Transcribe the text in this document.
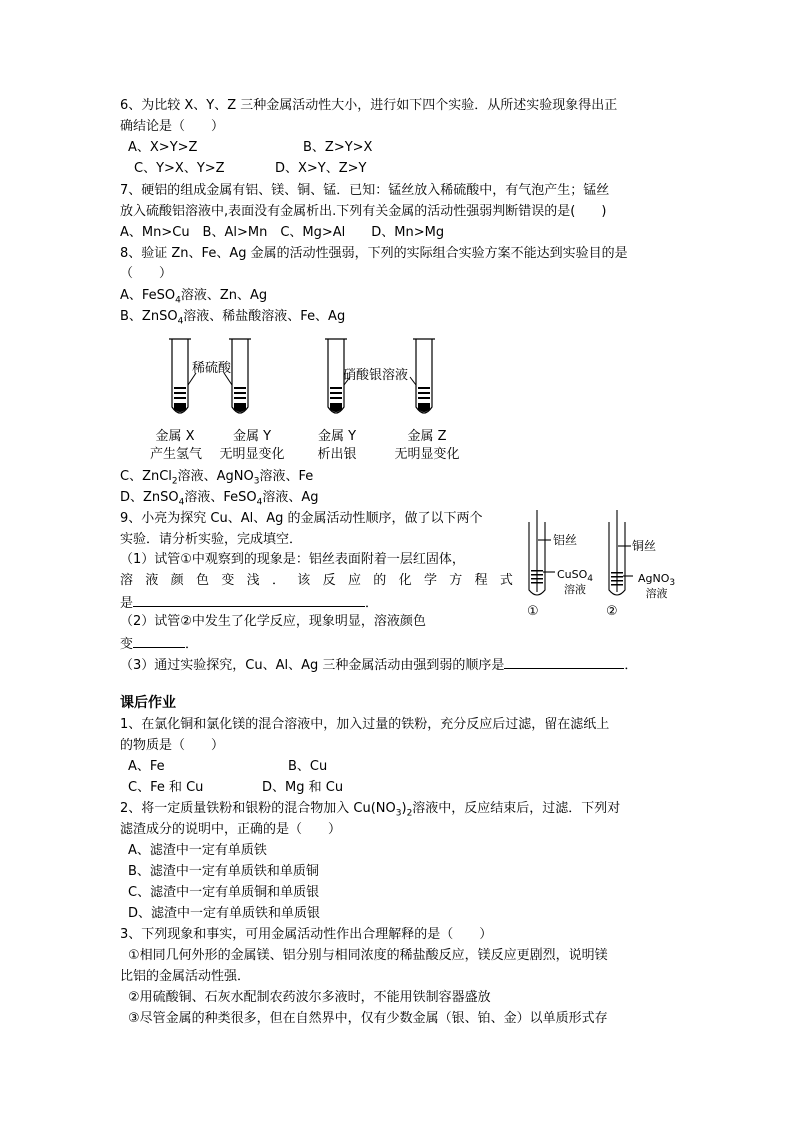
6、为比较 X、Y、Z 三种金属活动性大小，进行如下四个实验．从所述实验现象得出正
确结论是（　　）
A、X>Y>Z	B、Z>Y>X
C、Y>X、Y>Z	D、X>Y、Z>Y
7、硬铝的组成金属有铝、镁、铜、锰．已知：锰丝放入稀硫酸中，有气泡产生；锰丝
放入硫酸铝溶液中,表面没有金属析出.下列有关金属的活动性强弱判断错误的是(　　)
A、Mn>Cu　B、Al>Mn　C、Mg>Al　　D、Mn>Mg
8、验证 Zn、Fe、Ag 金属的活动性强弱，下列的实际组合实验方案不能达到实验目的是
（　　）
A、FeSO$_4$溶液、Zn、Ag
B、ZnSO$_4$溶液、稀盐酸溶液、Fe、Ag
稀硫酸	硝酸银溶液
金属 X
产生氢气
金属 Y
无明显变化
金属 Y
析出银
金属 Z
无明显变化
C、ZnCl$_2$溶液、AgNO$_3$溶液、Fe
D、ZnSO$_4$溶液、FeSO$_4$溶液、Ag
9、小亮为探究 Cu、Al、Ag 的金属活动性顺序，做了以下两个
实验．请分析实验，完成填空．
（1）试管①中观察到的现象是：铝丝表面附着一层红固体，
溶 液 颜 色 变 浅 ． 该 反 应 的 化 学 方 程 式
是	．
（2）试管②中发生了化学反应，现象明显，溶液颜色
变	．
（3）通过实验探究，Cu、Al、Ag 三种金属活动由强到弱的顺序是	．
铝丝	铜丝
CuSO$_4$
溶液
AgNO$_3$
溶液
①	②
课后作业
1、在氯化铜和氯化镁的混合溶液中，加入过量的铁粉，充分反应后过滤，留在滤纸上
的物质是（　　）
A、Fe	B、Cu
C、Fe 和 Cu	D、Mg 和 Cu
2、将一定质量铁粉和银粉的混合物加入 $Cu(NO_3)_2$溶液中，反应结束后，过滤．下列对
滤渣成分的说明中，正确的是（　　）
A、滤渣中一定有单质铁
B、滤渣中一定有单质铁和单质铜
C、滤渣中一定有单质铜和单质银
D、滤渣中一定有单质铁和单质银
3、下列现象和事实，可用金属活动性作出合理解释的是（　　）
①相同几何外形的金属镁、铝分别与相同浓度的稀盐酸反应，镁反应更剧烈，说明镁
比铝的金属活动性强．
②用硫酸铜、石灰水配制农药波尔多液时，不能用铁制容器盛放
③尽管金属的种类很多，但在自然界中，仅有少数金属（银、铂、金）以单质形式存
